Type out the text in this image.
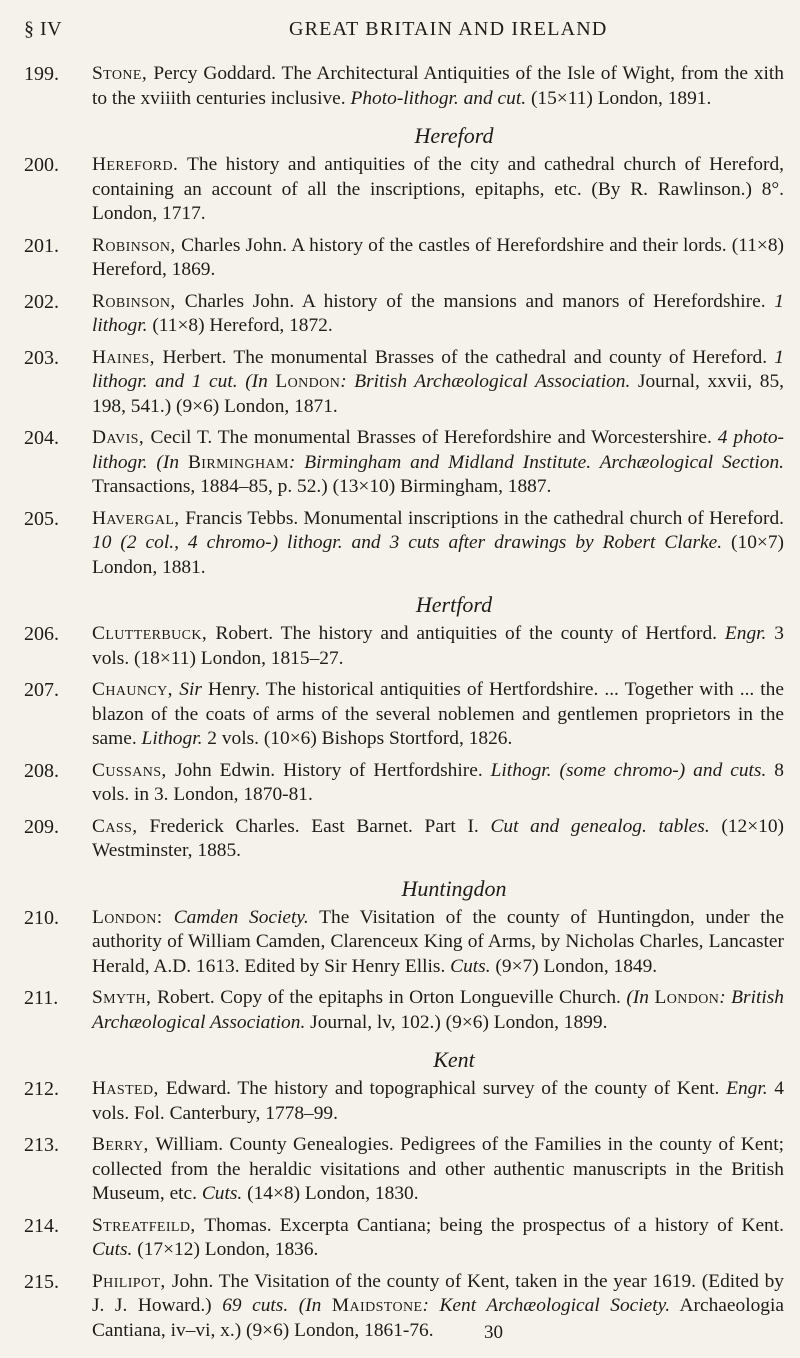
§ IV	GREAT BRITAIN AND IRELAND
199. Stone, Percy Goddard. The Architectural Antiquities of the Isle of Wight, from the xith to the xviiith centuries inclusive. Photo-lithogr. and cut. (15×11) London, 1891.
Hereford
200. Hereford. The history and antiquities of the city and cathedral church of Hereford, containing an account of all the inscriptions, epitaphs, etc. (By R. Rawlinson.) 8°. London, 1717.
201. Robinson, Charles John. A history of the castles of Herefordshire and their lords. (11×8) Hereford, 1869.
202. Robinson, Charles John. A history of the mansions and manors of Herefordshire. 1 lithogr. (11×8) Hereford, 1872.
203. Haines, Herbert. The monumental Brasses of the cathedral and county of Hereford. 1 lithogr. and 1 cut. (In London: British Archæological Association. Journal, xxvii, 85, 198, 541.) (9×6) London, 1871.
204. Davis, Cecil T. The monumental Brasses of Herefordshire and Worcestershire. 4 photo-lithogr. (In Birmingham: Birmingham and Midland Institute. Archæological Section. Transactions, 1884–85, p. 52.) (13×10) Birmingham, 1887.
205. Havergal, Francis Tebbs. Monumental inscriptions in the cathedral church of Hereford. 10 (2 col., 4 chromo-) lithogr. and 3 cuts after drawings by Robert Clarke. (10×7) London, 1881.
Hertford
206. Clutterbuck, Robert. The history and antiquities of the county of Hertford. Engr. 3 vols. (18×11) London, 1815–27.
207. Chauncy, Sir Henry. The historical antiquities of Hertfordshire. ... Together with ... the blazon of the coats of arms of the several noblemen and gentlemen proprietors in the same. Lithogr. 2 vols. (10×6) Bishops Stortford, 1826.
208. Cussans, John Edwin. History of Hertfordshire. Lithogr. (some chromo-) and cuts. 8 vols. in 3. London, 1870-81.
209. Cass, Frederick Charles. East Barnet. Part I. Cut and genealog. tables. (12×10) Westminster, 1885.
Huntingdon
210. London: Camden Society. The Visitation of the county of Huntingdon, under the authority of William Camden, Clarenceux King of Arms, by Nicholas Charles, Lancaster Herald, A.D. 1613. Edited by Sir Henry Ellis. Cuts. (9×7) London, 1849.
211. Smyth, Robert. Copy of the epitaphs in Orton Longueville Church. (In London: British Archæological Association. Journal, lv, 102.) (9×6) London, 1899.
Kent
212. Hasted, Edward. The history and topographical survey of the county of Kent. Engr. 4 vols. Fol. Canterbury, 1778–99.
213. Berry, William. County Genealogies. Pedigrees of the Families in the county of Kent; collected from the heraldic visitations and other authentic manuscripts in the British Museum, etc. Cuts. (14×8) London, 1830.
214. Streatfeild, Thomas. Excerpta Cantiana; being the prospectus of a history of Kent. Cuts. (17×12) London, 1836.
215. Philipot, John. The Visitation of the county of Kent, taken in the year 1619. (Edited by J. J. Howard.) 69 cuts. (In Maidstone: Kent Archæological Society. Archaeologia Cantiana, iv–vi, x.) (9×6) London, 1861-76.	30
